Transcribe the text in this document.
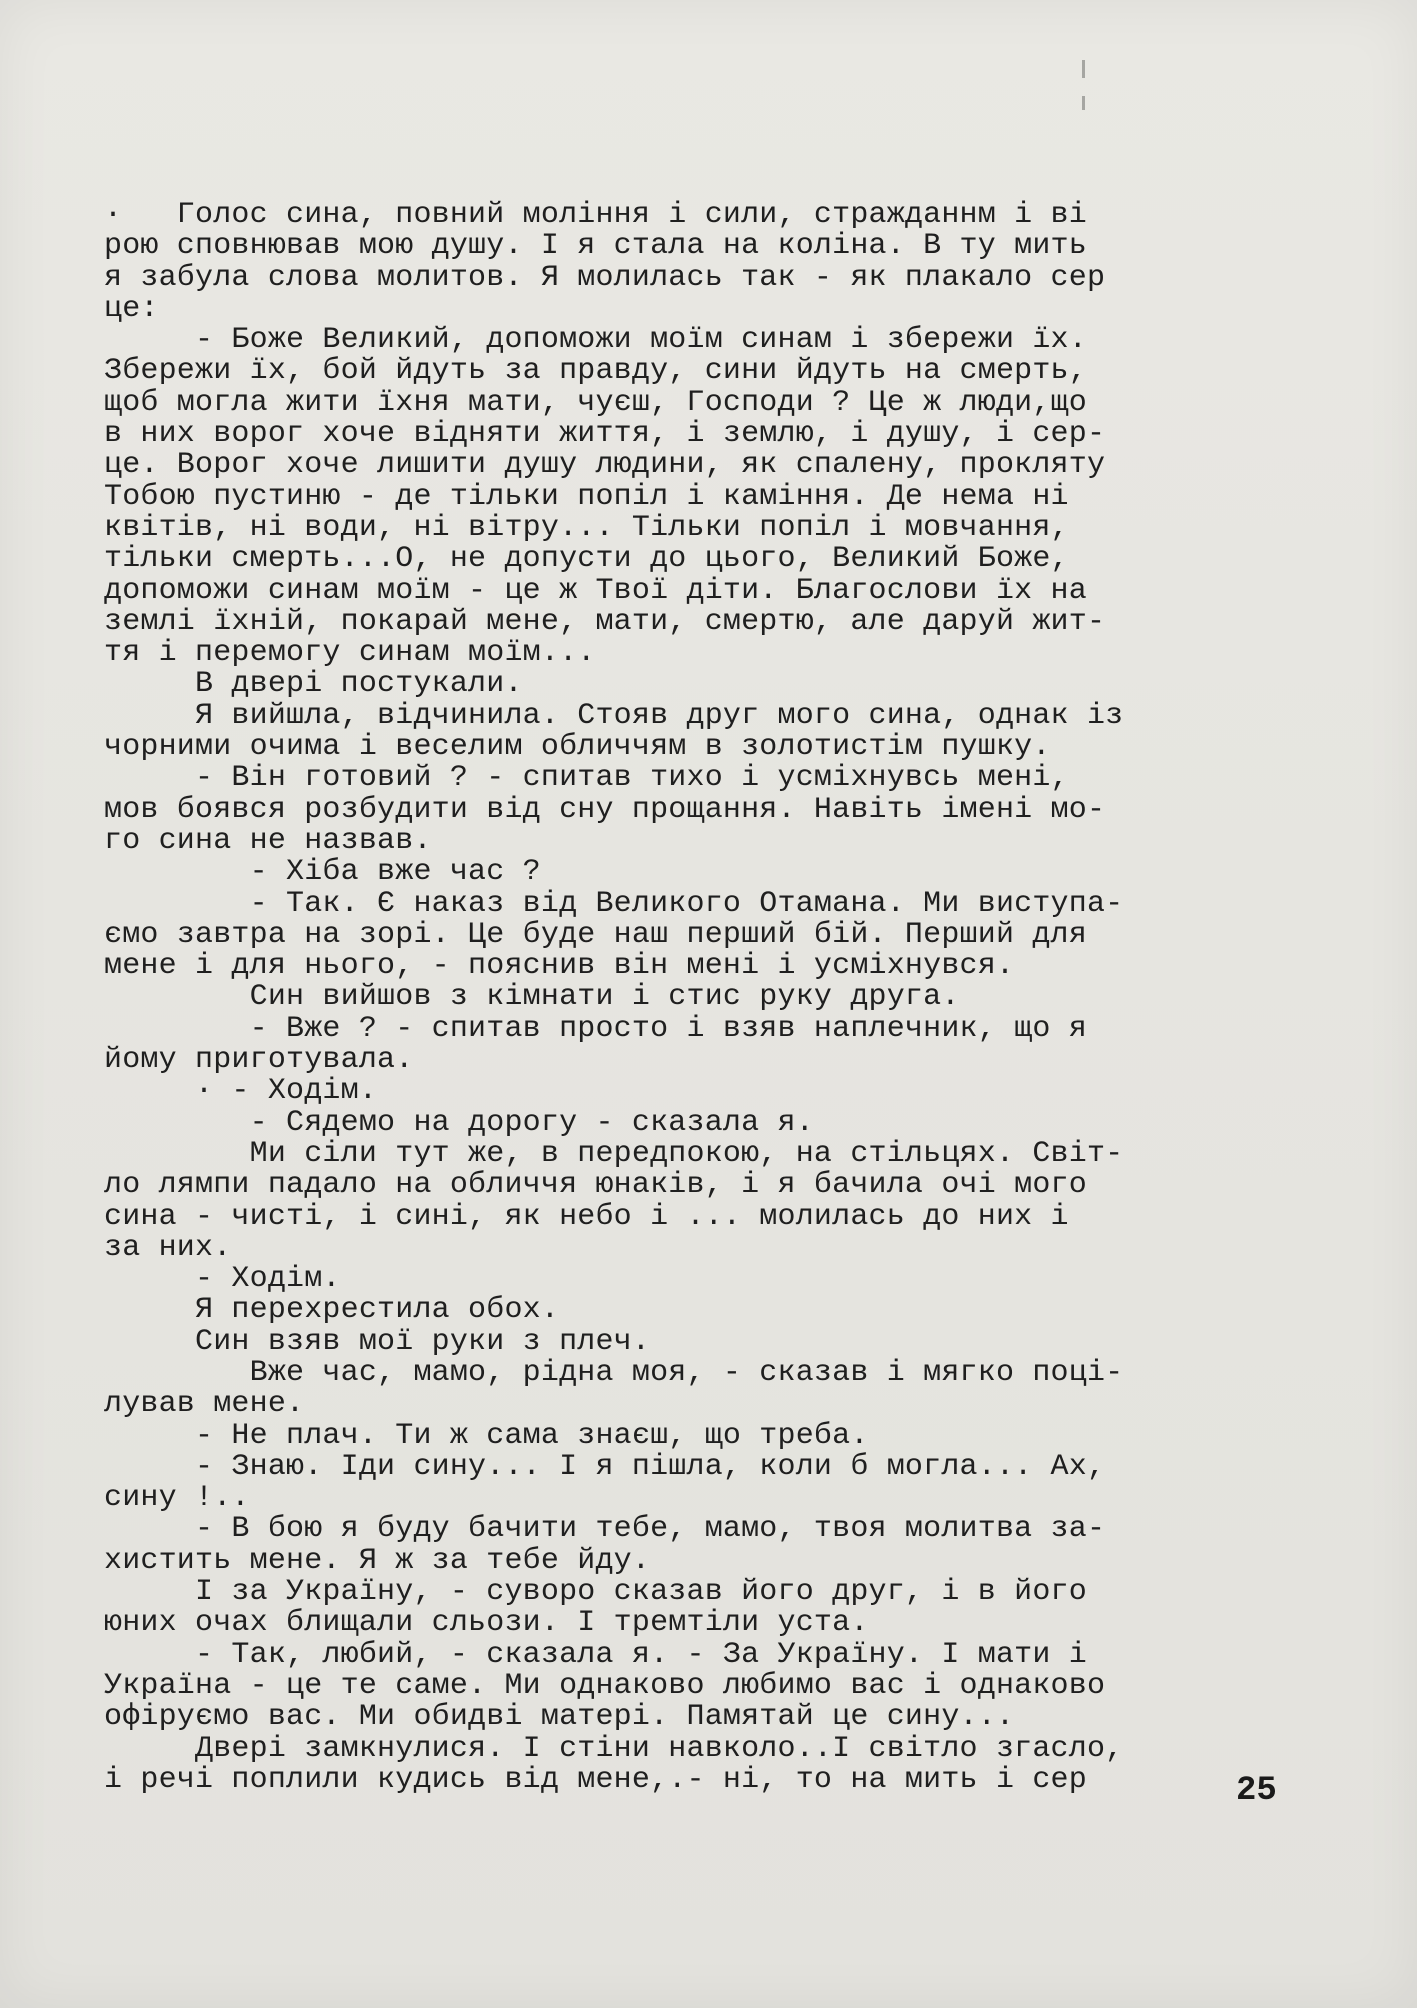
·   Голос сина, повний моління і сили, стражданнм і ві
рою сповнював мою душу. І я стала на коліна. В ту мить
я забула слова молитов. Я молилась так - як плакало сер
це:
- Боже Великий, допоможи моїм синам і збережи їх.
Збережи їх, бой йдуть за правду, сини йдуть на смерть,
щоб могла жити їхня мати, чуєш, Господи ? Це ж люди,що
в них ворог хоче відняти життя, і землю, і душу, і сер-
це. Ворог хоче лишити душу людини, як спалену, прокляту
Тобою пустиню - де тільки попіл і каміння. Де нема ні
квітів, ні води, ні вітру... Тільки попіл і мовчання,
тільки смерть...О, не допусти до цього, Великий Боже,
допоможи синам моїм - це ж Твої діти. Благослови їх на
землі їхній, покарай мене, мати, смертю, але даруй жит-
тя і перемогу синам моїм...
В двері постукали.
Я вийшла, відчинила. Стояв друг мого сина, однак із
чорними очима і веселим обличчям в золотистім пушку.
- Він готовий ? - спитав тихо і усміхнувсь мені,
мов боявся розбудити від сну прощання. Навіть імені мо-
го сина не назвав.
- Хіба вже час ?
- Так. Є наказ від Великого Отамана. Ми виступа-
ємо завтра на зорі. Це буде наш перший бій. Перший для
мене і для нього, - пояснив він мені і усміхнувся.
Син вийшов з кімнати і стис руку друга.
- Вже ? - спитав просто і взяв наплечник, що я
йому приготувала.
· - Ходім.
- Сядемо на дорогу - сказала я.
Ми сіли тут же, в передпокою, на стільцях. Світ-
ло лямпи падало на обличчя юнаків, і я бачила очі мого
сина - чисті, і сині, як небо і ... молилась до них і
за них.
- Ходім.
Я перехрестила обох.
Син взяв мої руки з плеч.
Вже час, мамо, рідна моя, - сказав і мягко поці-
лував мене.
- Не плач. Ти ж сама знаєш, що треба.
- Знаю. Іди сину... І я пішла, коли б могла... Ах,
сину !..
- В бою я буду бачити тебе, мамо, твоя молитва за-
хистить мене. Я ж за тебе йду.
І за Україну, - суворо сказав його друг, і в його
юних очах блищали сльози. І тремтіли уста.
- Так, любий, - сказала я. - За Україну. І мати і
Україна - це те саме. Ми однаково любимо вас і однаково
офіруємо вас. Ми обидві матері. Памятай це сину...
Двері замкнулися. І стіни навколо..І світло згасло,
і речі поплили кудись від мене,.- ні, то на мить і сер	25
